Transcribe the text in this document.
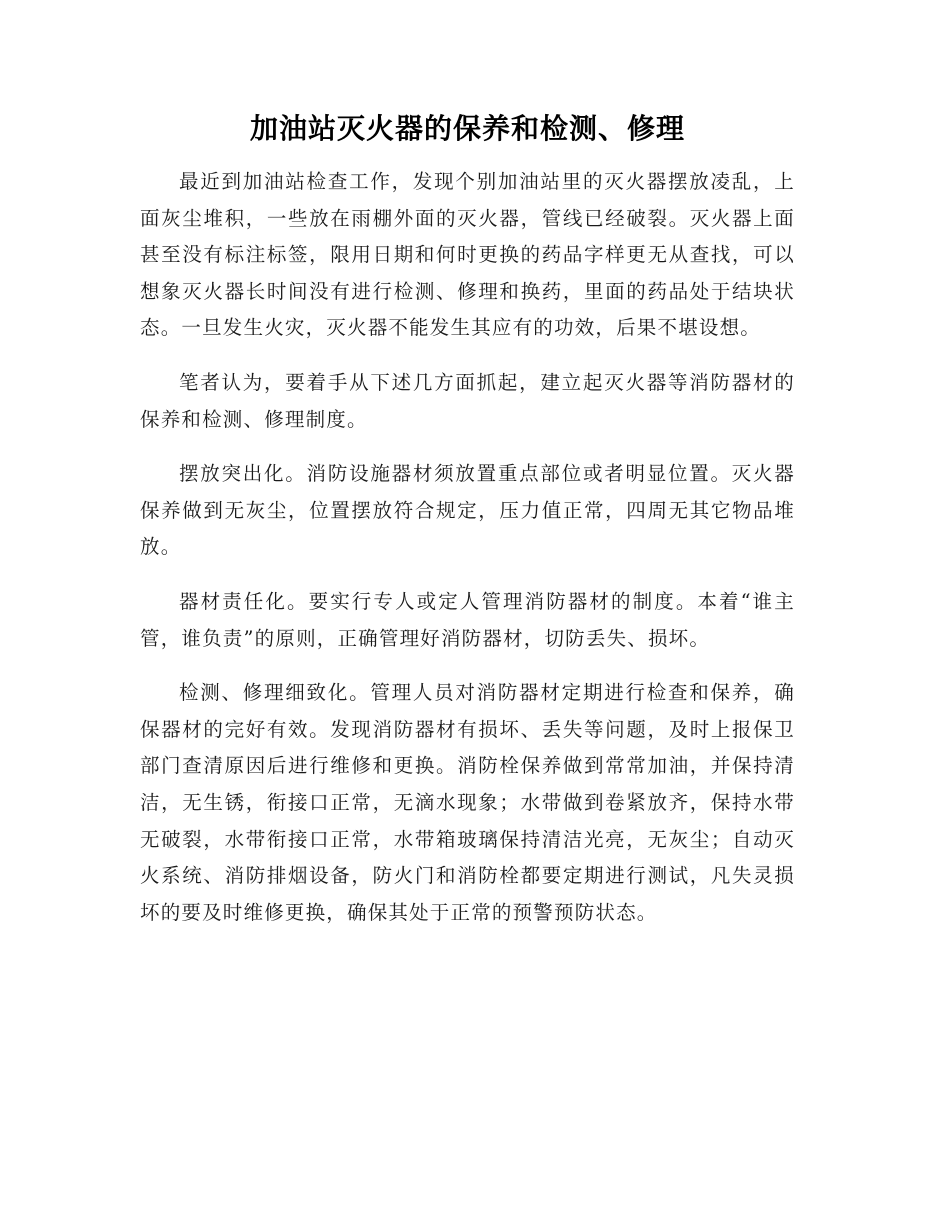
加油站灭火器的保养和检测、修理

最近到加油站检查工作，发现个别加油站里的灭火器摆放凌乱，上面灰尘堆积，一些放在雨棚外面的灭火器，管线已经破裂。灭火器上面甚至没有标注标签，限用日期和何时更换的药品字样更无从查找，可以想象灭火器长时间没有进行检测、修理和换药，里面的药品处于结块状态。一旦发生火灾，灭火器不能发生其应有的功效，后果不堪设想。

笔者认为，要着手从下述几方面抓起，建立起灭火器等消防器材的保养和检测、修理制度。

摆放突出化。消防设施器材须放置重点部位或者明显位置。灭火器保养做到无灰尘，位置摆放符合规定，压力值正常，四周无其它物品堆放。

器材责任化。要实行专人或定人管理消防器材的制度。本着“谁主管，谁负责”的原则，正确管理好消防器材，切防丢失、损坏。

检测、修理细致化。管理人员对消防器材定期进行检查和保养，确保器材的完好有效。发现消防器材有损坏、丢失等问题，及时上报保卫部门查清原因后进行维修和更换。消防栓保养做到常常加油，并保持清洁，无生锈，衔接口正常，无滴水现象；水带做到卷紧放齐，保持水带无破裂，水带衔接口正常，水带箱玻璃保持清洁光亮，无灰尘；自动灭火系统、消防排烟设备，防火门和消防栓都要定期进行测试，凡失灵损坏的要及时维修更换，确保其处于正常的预警预防状态。
